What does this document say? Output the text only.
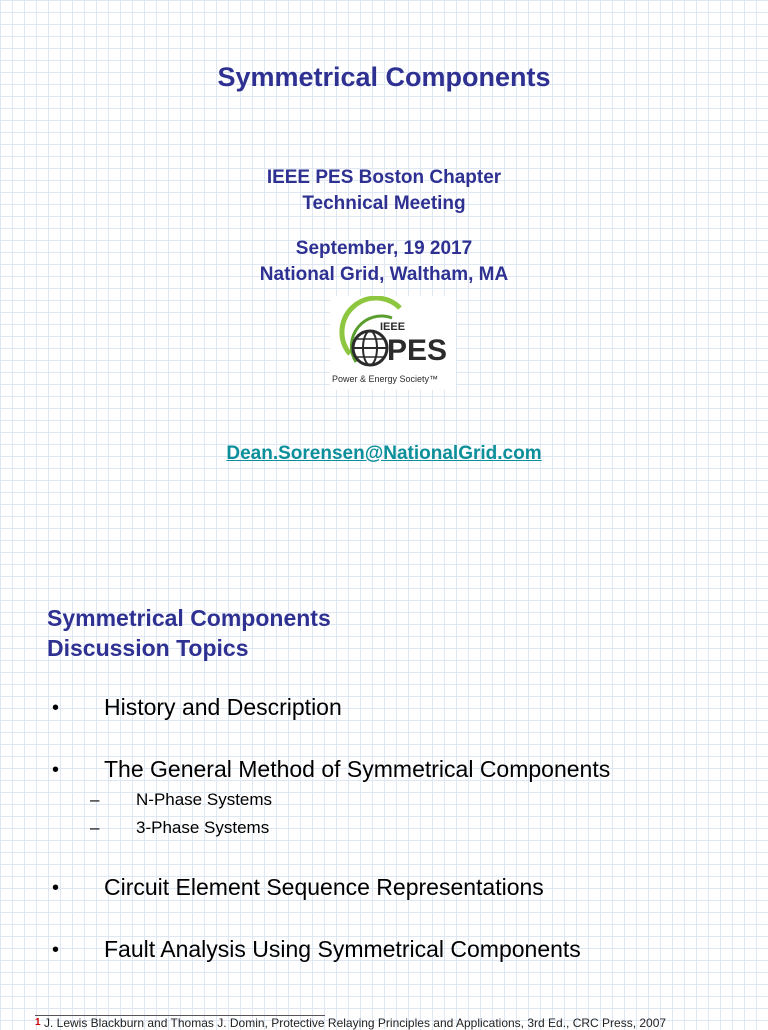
Symmetrical Components
IEEE PES Boston Chapter
Technical Meeting
September, 19 2017
National Grid, Waltham, MA
IEEE
PES
Power & Energy Society™
Dean.Sorensen@NationalGrid.com
Symmetrical Components
Discussion Topics
• History and Description
• The General Method of Symmetrical Components
– N-Phase Systems
– 3-Phase Systems
• Circuit Element Sequence Representations
• Fault Analysis Using Symmetrical Components
1 J. Lewis Blackburn and Thomas J. Domin, Protective Relaying Principles and Applications, 3rd Ed., CRC Press, 2007
